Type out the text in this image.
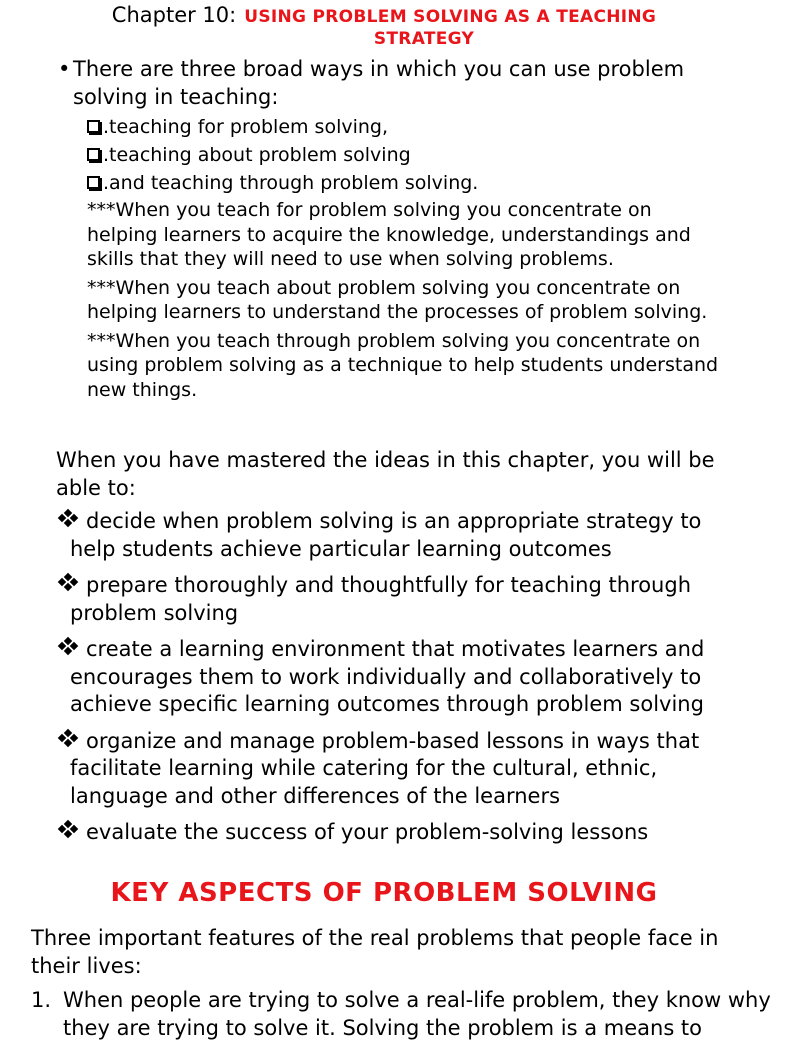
Chapter 10: USING PROBLEM SOLVING AS A TEACHING
STRATEGY
• There are three broad ways in which you can use problem solving in teaching:
.teaching for problem solving,
.teaching about problem solving
.and teaching through problem solving.
***When you teach for problem solving you concentrate on helping learners to acquire the knowledge, understandings and skills that they will need to use when solving problems.
***When you teach about problem solving you concentrate on helping learners to understand the processes of problem solving.
***When you teach through problem solving you concentrate on using problem solving as a technique to help students understand new things.
When you have mastered the ideas in this chapter, you will be able to:
decide when problem solving is an appropriate strategy to help students achieve particular learning outcomes
prepare thoroughly and thoughtfully for teaching through problem solving
create a learning environment that motivates learners and encourages them to work individually and collaboratively to achieve specific learning outcomes through problem solving
organize and manage problem-based lessons in ways that facilitate learning while catering for the cultural, ethnic, language and other differences of the learners
evaluate the success of your problem-solving lessons
KEY ASPECTS OF PROBLEM SOLVING
Three important features of the real problems that people face in their lives:
1. When people are trying to solve a real-life problem, they know why they are trying to solve it. Solving the problem is a means to
